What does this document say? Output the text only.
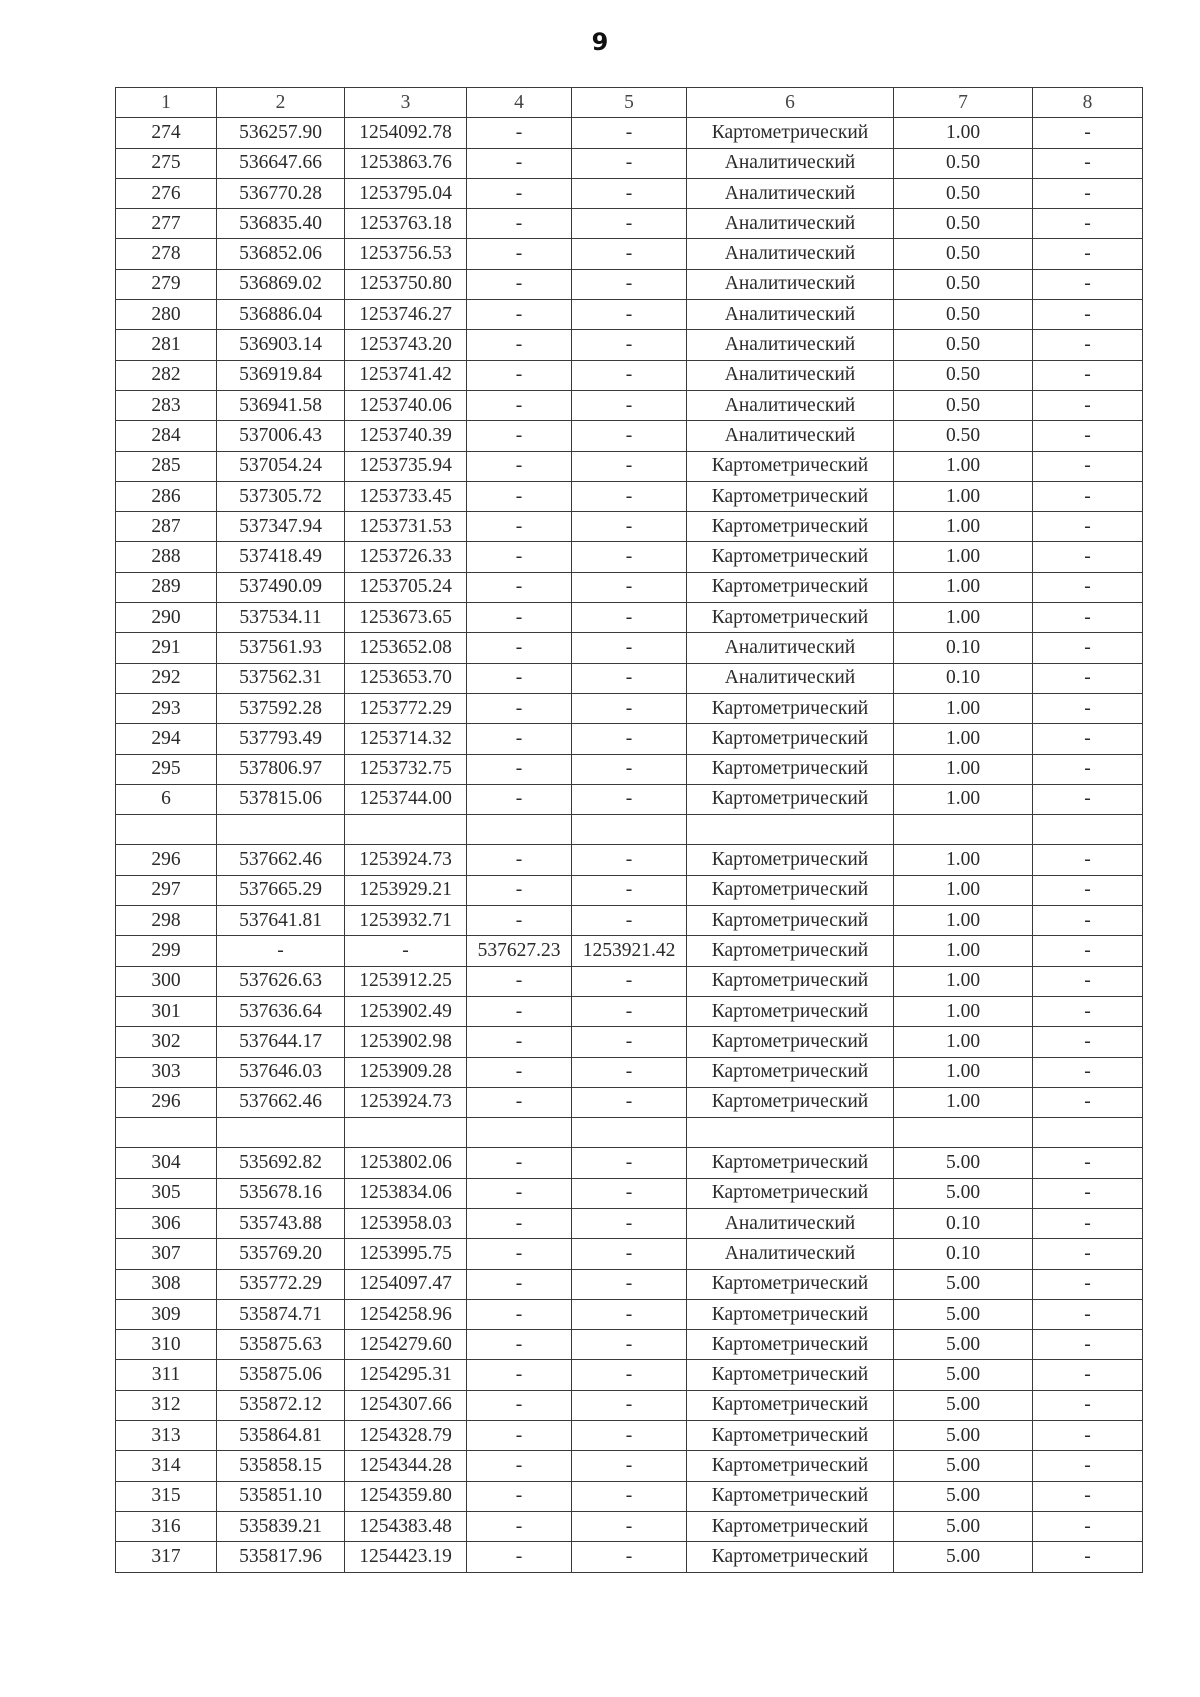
9
1	2	3	4	5	6	7	8
274	536257.90	1254092.78	-	-	Картометрический	1.00	-
275	536647.66	1253863.76	-	-	Аналитический	0.50	-
276	536770.28	1253795.04	-	-	Аналитический	0.50	-
277	536835.40	1253763.18	-	-	Аналитический	0.50	-
278	536852.06	1253756.53	-	-	Аналитический	0.50	-
279	536869.02	1253750.80	-	-	Аналитический	0.50	-
280	536886.04	1253746.27	-	-	Аналитический	0.50	-
281	536903.14	1253743.20	-	-	Аналитический	0.50	-
282	536919.84	1253741.42	-	-	Аналитический	0.50	-
283	536941.58	1253740.06	-	-	Аналитический	0.50	-
284	537006.43	1253740.39	-	-	Аналитический	0.50	-
285	537054.24	1253735.94	-	-	Картометрический	1.00	-
286	537305.72	1253733.45	-	-	Картометрический	1.00	-
287	537347.94	1253731.53	-	-	Картометрический	1.00	-
288	537418.49	1253726.33	-	-	Картометрический	1.00	-
289	537490.09	1253705.24	-	-	Картометрический	1.00	-
290	537534.11	1253673.65	-	-	Картометрический	1.00	-
291	537561.93	1253652.08	-	-	Аналитический	0.10	-
292	537562.31	1253653.70	-	-	Аналитический	0.10	-
293	537592.28	1253772.29	-	-	Картометрический	1.00	-
294	537793.49	1253714.32	-	-	Картометрический	1.00	-
295	537806.97	1253732.75	-	-	Картометрический	1.00	-
6	537815.06	1253744.00	-	-	Картометрический	1.00	-

296	537662.46	1253924.73	-	-	Картометрический	1.00	-
297	537665.29	1253929.21	-	-	Картометрический	1.00	-
298	537641.81	1253932.71	-	-	Картометрический	1.00	-
299	-	-	537627.23	1253921.42	Картометрический	1.00	-
300	537626.63	1253912.25	-	-	Картометрический	1.00	-
301	537636.64	1253902.49	-	-	Картометрический	1.00	-
302	537644.17	1253902.98	-	-	Картометрический	1.00	-
303	537646.03	1253909.28	-	-	Картометрический	1.00	-
296	537662.46	1253924.73	-	-	Картометрический	1.00	-

304	535692.82	1253802.06	-	-	Картометрический	5.00	-
305	535678.16	1253834.06	-	-	Картометрический	5.00	-
306	535743.88	1253958.03	-	-	Аналитический	0.10	-
307	535769.20	1253995.75	-	-	Аналитический	0.10	-
308	535772.29	1254097.47	-	-	Картометрический	5.00	-
309	535874.71	1254258.96	-	-	Картометрический	5.00	-
310	535875.63	1254279.60	-	-	Картометрический	5.00	-
311	535875.06	1254295.31	-	-	Картометрический	5.00	-
312	535872.12	1254307.66	-	-	Картометрический	5.00	-
313	535864.81	1254328.79	-	-	Картометрический	5.00	-
314	535858.15	1254344.28	-	-	Картометрический	5.00	-
315	535851.10	1254359.80	-	-	Картометрический	5.00	-
316	535839.21	1254383.48	-	-	Картометрический	5.00	-
317	535817.96	1254423.19	-	-	Картометрический	5.00	-
